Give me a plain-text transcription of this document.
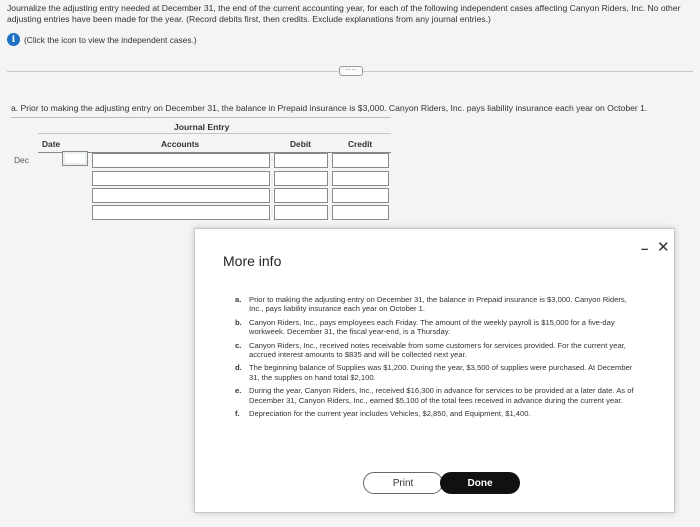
Journalize the adjusting entry needed at December 31, the end of the current accounting year, for each of the following independent cases affecting Canyon Riders, Inc. No other adjusting entries have been made for the year. (Record debits first, then credits. Exclude explanations from any journal entries.)
i	(Click the icon to view the independent cases.)
····
a. Prior to making the adjusting entry on December 31, the balance in Prepaid insurance is $3,000. Canyon Riders, Inc. pays liability insurance each year on October 1.
Journal Entry
Date	Accounts	Debit	Credit
Dec
More info
– ✕
a.	Prior to making the adjusting entry on December 31, the balance in Prepaid insurance is $3,000. Canyon Riders, Inc., pays liability insurance each year on October 1.
b. Canyon Riders, Inc., pays employees each Friday. The amount of the weekly payroll is $15,000 for a five-day workweek. December 31, the fiscal year-end, is a Thursday.
c.	Canyon Riders, Inc., received notes receivable from some customers for services provided. For the current year, accrued interest amounts to $835 and will be collected next year.
d. The beginning balance of Supplies was $1,200. During the year, $3,500 of supplies were purchased. At December 31, the supplies on hand total $2,100.
e.	During the year, Canyon Riders, Inc., received $16,300 in advance for services to be provided at a later date. As of December 31, Canyon Riders, Inc., earned $5,100 of the total fees received in advance during the current year.
f.	Depreciation for the current year includes Vehicles, $2,850, and Equipment, $1,400.
Print	Done
